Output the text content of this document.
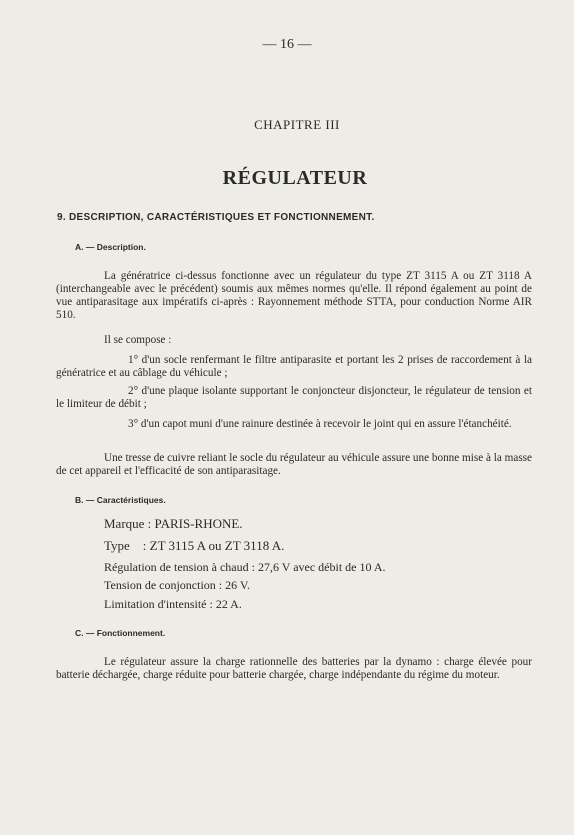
— 16 —
CHAPITRE III
RÉGULATEUR
9. DESCRIPTION, CARACTÉRISTIQUES ET FONCTIONNEMENT.
A. — Description.
La génératrice ci-dessus fonctionne avec un régulateur du type ZT 3115 A ou ZT 3118 A (interchangeable avec le précédent) soumis aux mêmes normes qu'elle. Il répond également au point de vue antiparasitage aux impératifs ci-après : Rayonnement méthode STTA, pour conduction Norme AIR 510.
Il se compose :
1° d'un socle renfermant le filtre antiparasite et portant les 2 prises de raccordement à la génératrice et au câblage du véhicule ;
2° d'une plaque isolante supportant le conjoncteur disjoncteur, le régulateur de tension et le limiteur de débit ;
3° d'un capot muni d'une rainure destinée à recevoir le joint qui en assure l'étanchéité.
Une tresse de cuivre reliant le socle du régulateur au véhicule assure une bonne mise à la masse de cet appareil et l'efficacité de son antiparasitage.
B. — Caractéristiques.
Marque : PARIS-RHONE.
Type    : ZT 3115 A ou ZT 3118 A.
Régulation de tension à chaud : 27,6 V avec débit de 10 A.
Tension de conjonction : 26 V.
Limitation d'intensité : 22 A.
C. — Fonctionnement.
Le régulateur assure la charge rationnelle des batteries par la dynamo : charge élevée pour batterie déchargée, charge réduite pour batterie chargée, charge indépendante du régime du moteur.
